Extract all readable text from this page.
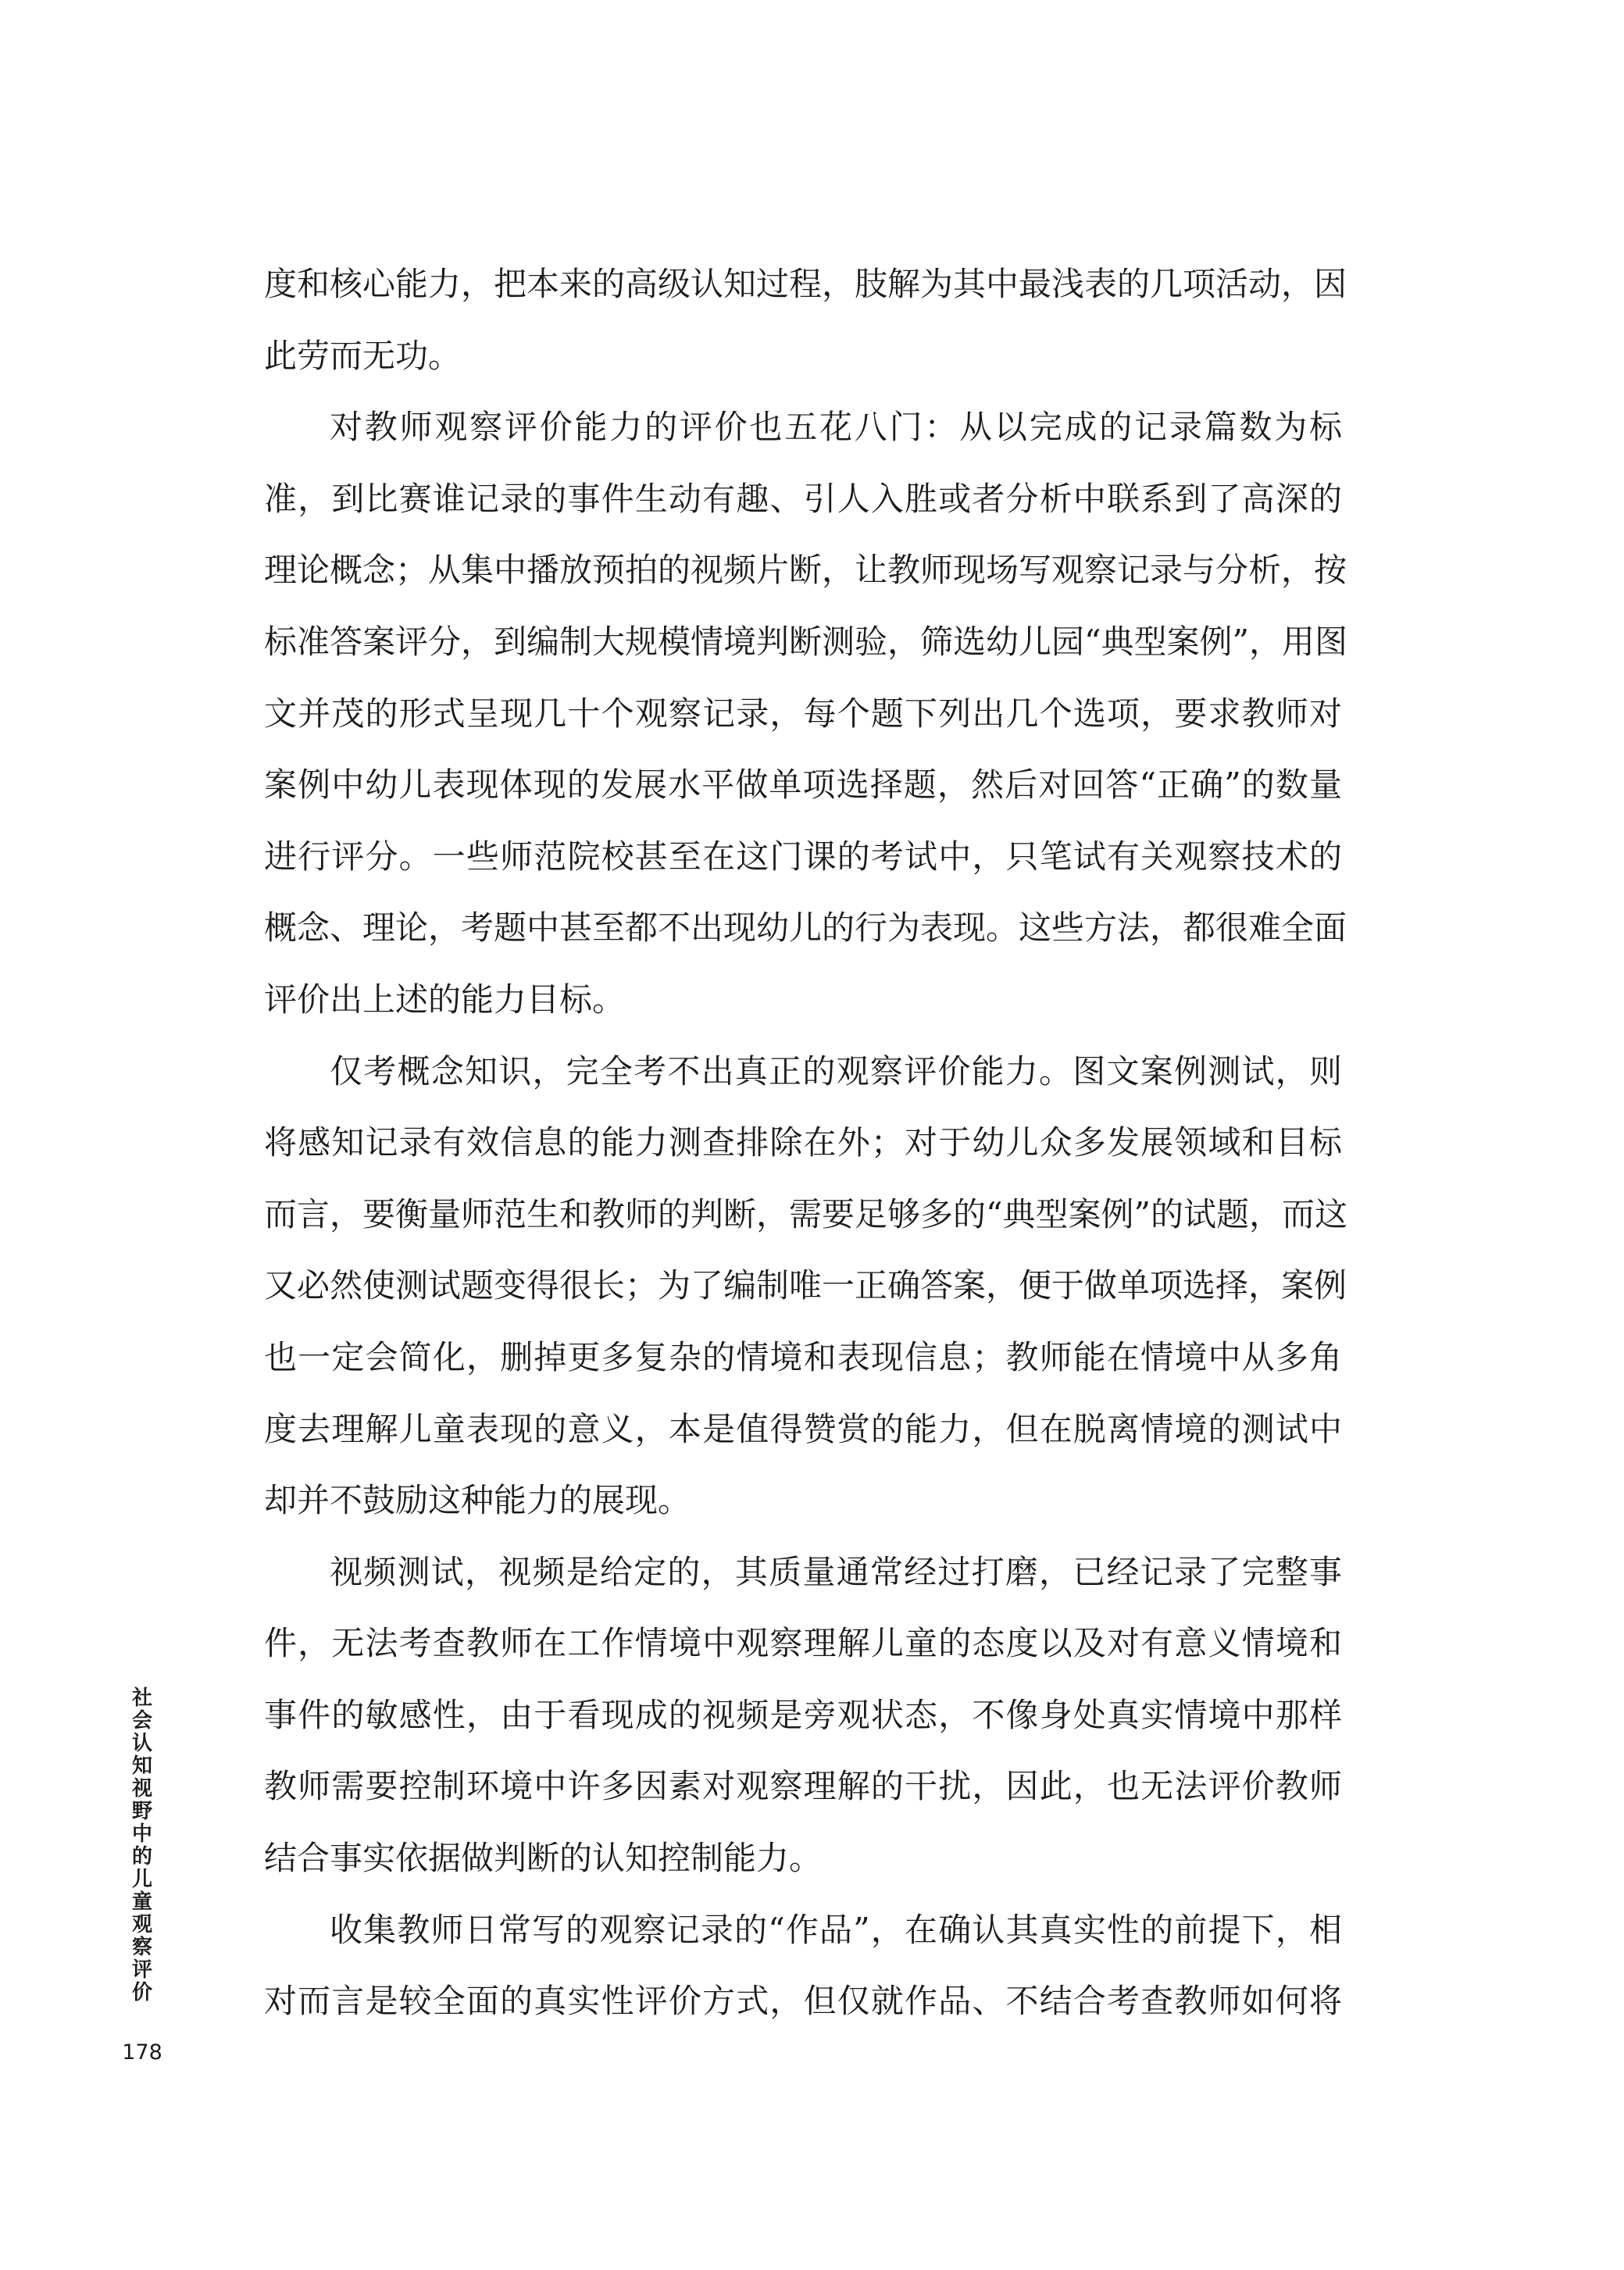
度和核心能力，把本来的高级认知过程，肢解为其中最浅表的几项活动，因
此劳而无功。
对教师观察评价能力的评价也五花八门：从以完成的记录篇数为标
准，到比赛谁记录的事件生动有趣、引人入胜或者分析中联系到了高深的
理论概念；从集中播放预拍的视频片断，让教师现场写观察记录与分析，按
标准答案评分，到编制大规模情境判断测验，筛选幼儿园“典型案例”，用图
文并茂的形式呈现几十个观察记录，每个题下列出几个选项，要求教师对
案例中幼儿表现体现的发展水平做单项选择题，然后对回答“正确”的数量
进行评分。一些师范院校甚至在这门课的考试中，只笔试有关观察技术的
概念、理论，考题中甚至都不出现幼儿的行为表现。这些方法，都很难全面
评价出上述的能力目标。
仅考概念知识，完全考不出真正的观察评价能力。图文案例测试，则
将感知记录有效信息的能力测查排除在外；对于幼儿众多发展领域和目标
而言，要衡量师范生和教师的判断，需要足够多的“典型案例”的试题，而这
又必然使测试题变得很长；为了编制唯一正确答案，便于做单项选择，案例
也一定会简化，删掉更多复杂的情境和表现信息；教师能在情境中从多角
度去理解儿童表现的意义，本是值得赞赏的能力，但在脱离情境的测试中
却并不鼓励这种能力的展现。
视频测试，视频是给定的，其质量通常经过打磨，已经记录了完整事
件，无法考查教师在工作情境中观察理解儿童的态度以及对有意义情境和
事件的敏感性，由于看现成的视频是旁观状态，不像身处真实情境中那样
教师需要控制环境中许多因素对观察理解的干扰，因此，也无法评价教师
结合事实依据做判断的认知控制能力。
收集教师日常写的观察记录的“作品”，在确认其真实性的前提下，相
对而言是较全面的真实性评价方式，但仅就作品、不结合考查教师如何将
社会认知视野中的儿童观察评价
178
